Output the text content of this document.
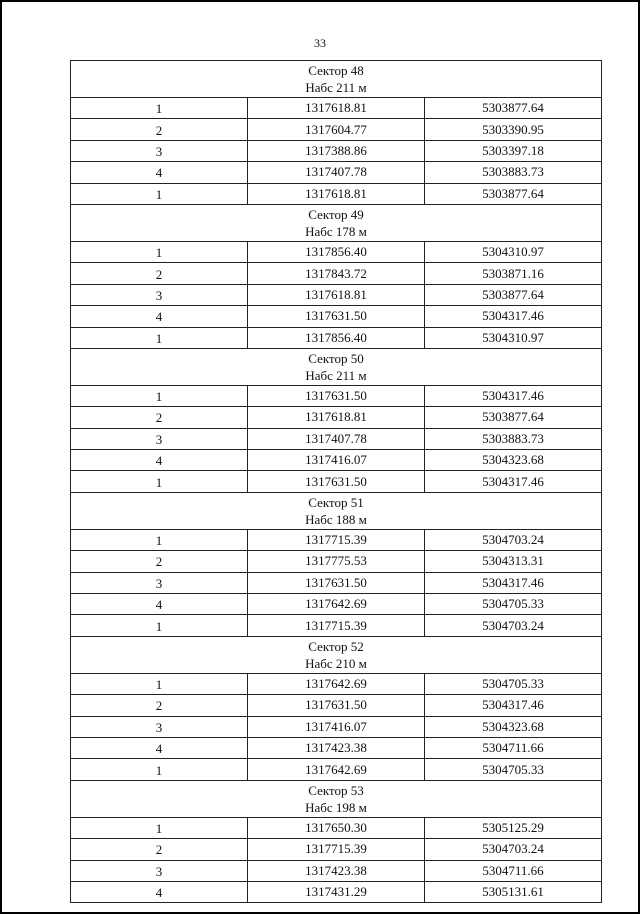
33
Сектор 48
Набс 211 м		

1	1317618.81	5303877.64
2	1317604.77	5303390.95
3	1317388.86	5303397.18
4	1317407.78	5303883.73
1	1317618.81	5303877.64

Сектор 49
Набс 178 м		

1	1317856.40	5304310.97
2	1317843.72	5303871.16
3	1317618.81	5303877.64
4	1317631.50	5304317.46
1	1317856.40	5304310.97

Сектор 50
Набс 211 м		

1	1317631.50	5304317.46
2	1317618.81	5303877.64
3	1317407.78	5303883.73
4	1317416.07	5304323.68
1	1317631.50	5304317.46

Сектор 51
Набс 188 м		

1	1317715.39	5304703.24
2	1317775.53	5304313.31
3	1317631.50	5304317.46
4	1317642.69	5304705.33
1	1317715.39	5304703.24

Сектор 52
Набс 210 м		

1	1317642.69	5304705.33
2	1317631.50	5304317.46
3	1317416.07	5304323.68
4	1317423.38	5304711.66
1	1317642.69	5304705.33

Сектор 53
Набс 198 м		

1	1317650.30	5305125.29
2	1317715.39	5304703.24
3	1317423.38	5304711.66
4	1317431.29	5305131.61
